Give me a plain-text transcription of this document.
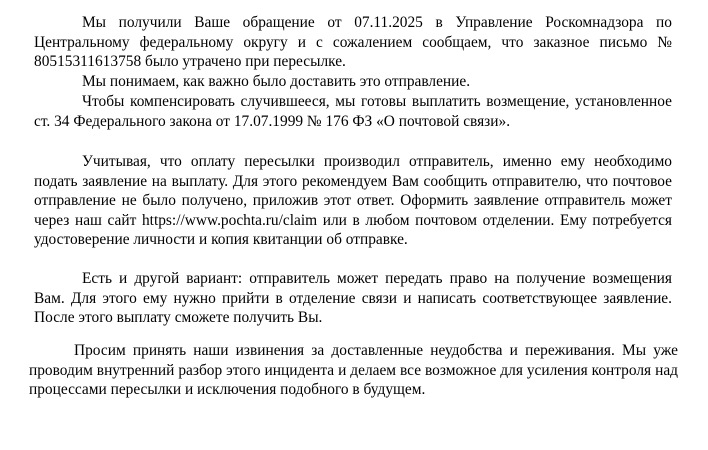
Мы получили Ваше обращение от 07.11.2025 в Управление Роскомнадзора по Центральному федеральному округу и с сожалением сообщаем, что заказное письмо № 80515311613758 было утрачено при пересылке.

Мы понимаем, как важно было доставить это отправление.

Чтобы компенсировать случившееся, мы готовы выплатить возмещение, установленное ст. 34 Федерального закона от 17.07.1999 № 176 ФЗ «О почтовой связи».

Учитывая, что оплату пересылки производил отправитель, именно ему необходимо подать заявление на выплату. Для этого рекомендуем Вам сообщить отправителю, что почтовое отправление не было получено, приложив этот ответ. Оформить заявление отправитель может через наш сайт https://www.pochta.ru/claim или в любом почтовом отделении. Ему потребуется удостоверение личности и копия квитанции об отправке.

Есть и другой вариант: отправитель может передать право на получение возмещения Вам. Для этого ему нужно прийти в отделение связи и написать соответствующее заявление. После этого выплату сможете получить Вы.

Просим принять наши извинения за доставленные неудобства и переживания. Мы уже проводим внутренний разбор этого инцидента и делаем все возможное для усиления контроля над процессами пересылки и исключения подобного в будущем.
